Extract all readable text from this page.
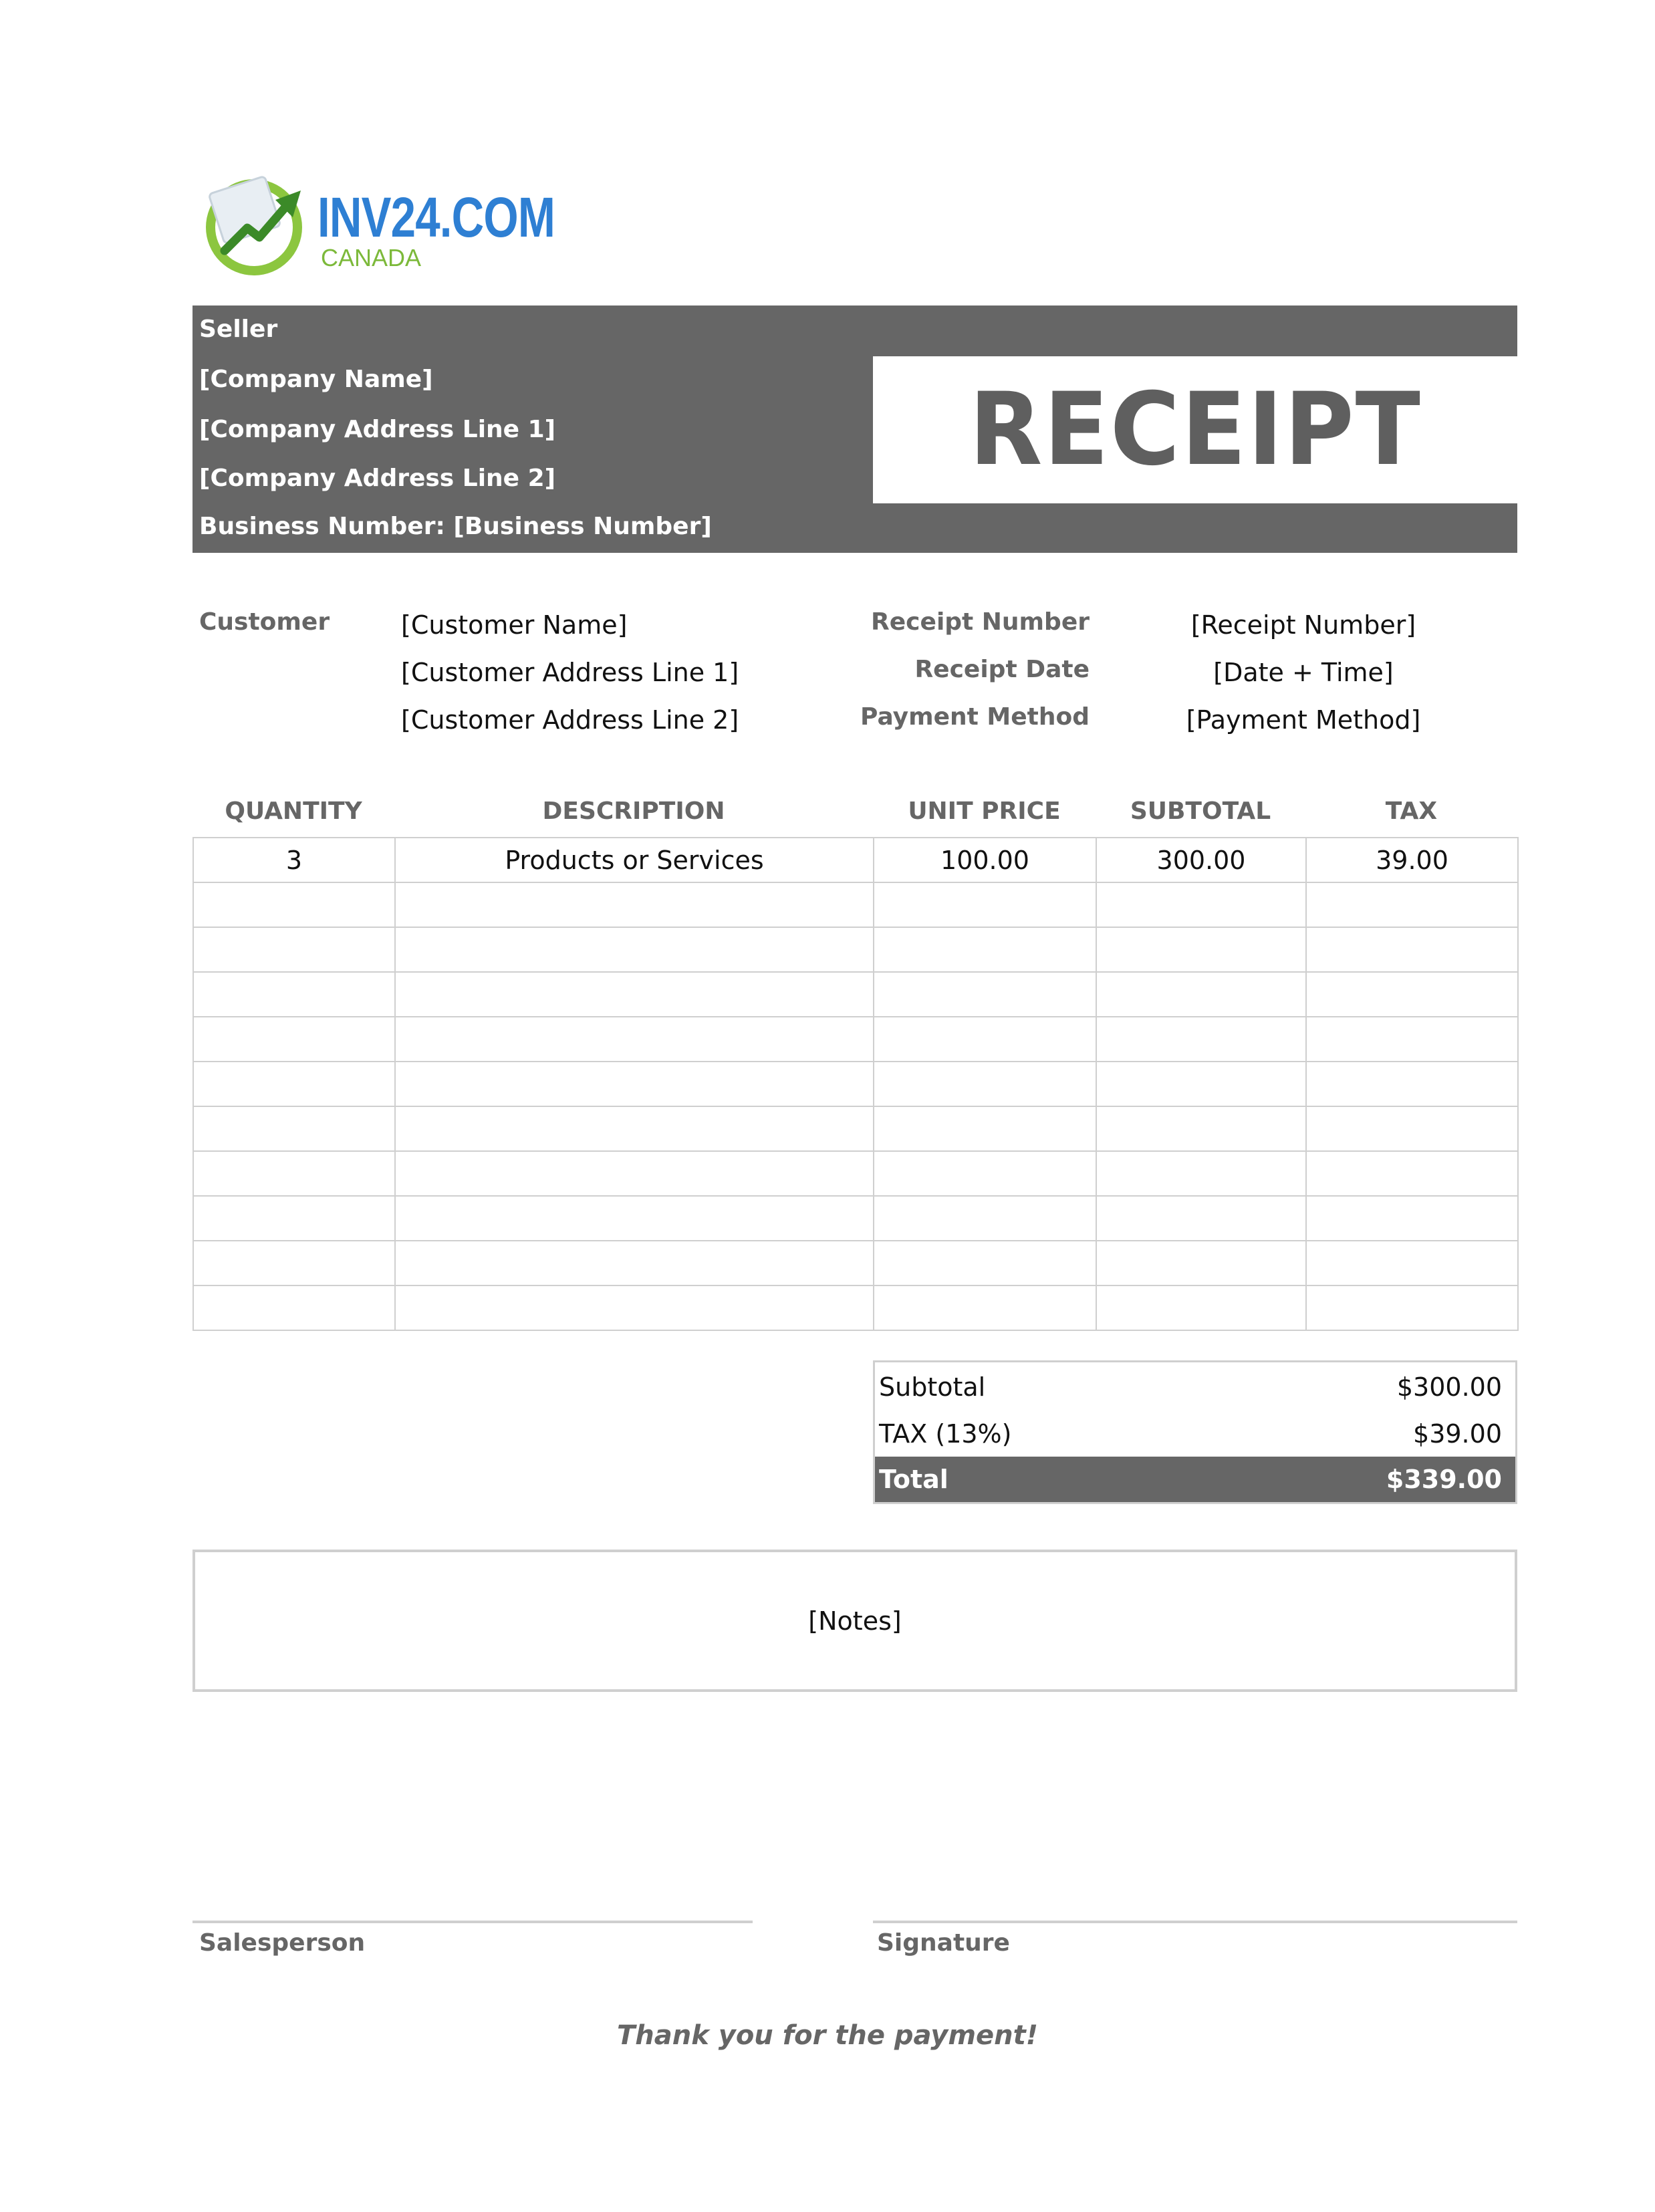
INV24.COM
CANADA
RECEIPT
Seller
[Company Name]
[Company Address Line 1]
[Company Address Line 2]
Business Number: [Business Number]
Customer	[Customer Name]
[Customer Address Line 1]
[Customer Address Line 2]
Receipt Number	[Receipt Number]
Receipt Date	[Date + Time]
Payment Method	[Payment Method]
QUANTITY	DESCRIPTION	UNIT PRICE	SUBTOTAL	TAX
3	Products or Services	100.00	300.00	39.00

Subtotal	$300.00
TAX (13%)	$39.00
Total	$339.00
[Notes]
Salesperson	Signature
Thank you for the payment!
